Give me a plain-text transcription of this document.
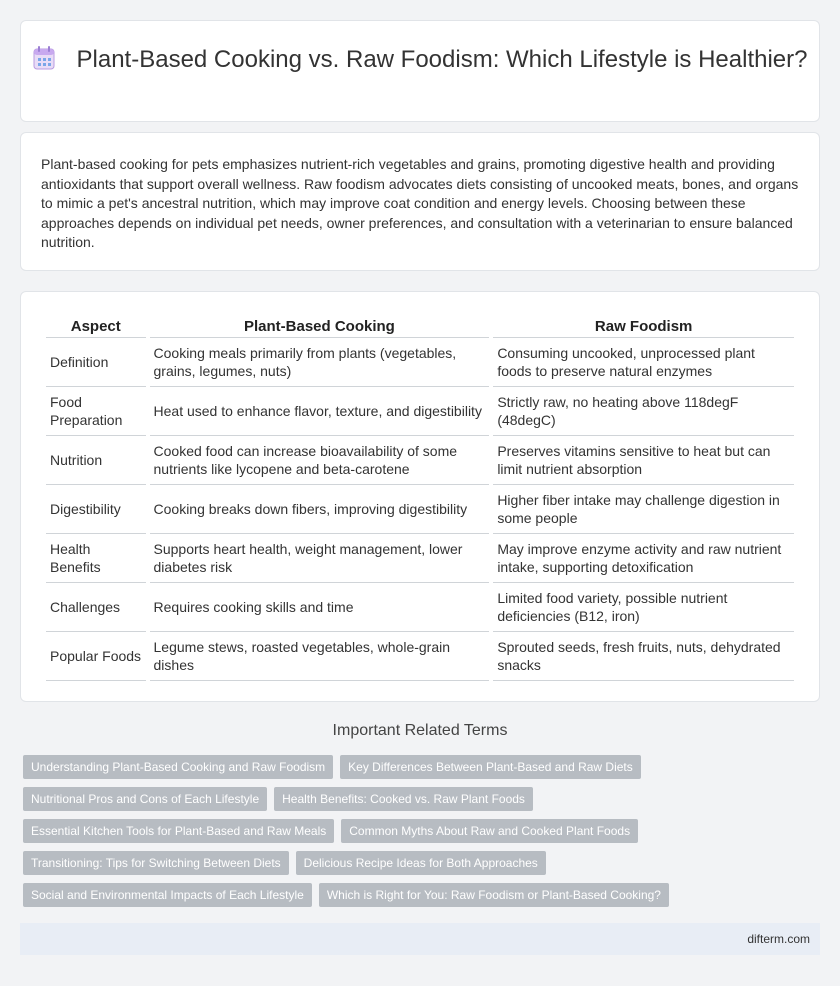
Plant-Based Cooking vs. Raw Foodism: Which Lifestyle is Healthier?

Plant-based cooking for pets emphasizes nutrient-rich vegetables and grains, promoting digestive health and providing antioxidants that support overall wellness. Raw foodism advocates diets consisting of uncooked meats, bones, and organs to mimic a pet's ancestral nutrition, which may improve coat condition and energy levels. Choosing between these approaches depends on individual pet needs, owner preferences, and consultation with a veterinarian to ensure balanced nutrition.

Aspect	Plant-Based Cooking	Raw Foodism
Definition	Cooking meals primarily from plants (vegetables, grains, legumes, nuts)	Consuming uncooked, unprocessed plant foods to preserve natural enzymes
Food Preparation	Heat used to enhance flavor, texture, and digestibility	Strictly raw, no heating above 118degF (48degC)
Nutrition	Cooked food can increase bioavailability of some nutrients like lycopene and beta-carotene	Preserves vitamins sensitive to heat but can limit nutrient absorption
Digestibility	Cooking breaks down fibers, improving digestibility	Higher fiber intake may challenge digestion in some people
Health Benefits	Supports heart health, weight management, lower diabetes risk	May improve enzyme activity and raw nutrient intake, supporting detoxification
Challenges	Requires cooking skills and time	Limited food variety, possible nutrient deficiencies (B12, iron)
Popular Foods	Legume stews, roasted vegetables, whole-grain dishes	Sprouted seeds, fresh fruits, nuts, dehydrated snacks
Important Related Terms
Understanding Plant-Based Cooking and Raw Foodism	Key Differences Between Plant-Based and Raw Diets
Nutritional Pros and Cons of Each Lifestyle	Health Benefits: Cooked vs. Raw Plant Foods
Essential Kitchen Tools for Plant-Based and Raw Meals	Common Myths About Raw and Cooked Plant Foods
Transitioning: Tips for Switching Between Diets	Delicious Recipe Ideas for Both Approaches
Social and Environmental Impacts of Each Lifestyle	Which is Right for You: Raw Foodism or Plant-Based Cooking?
difterm.com
